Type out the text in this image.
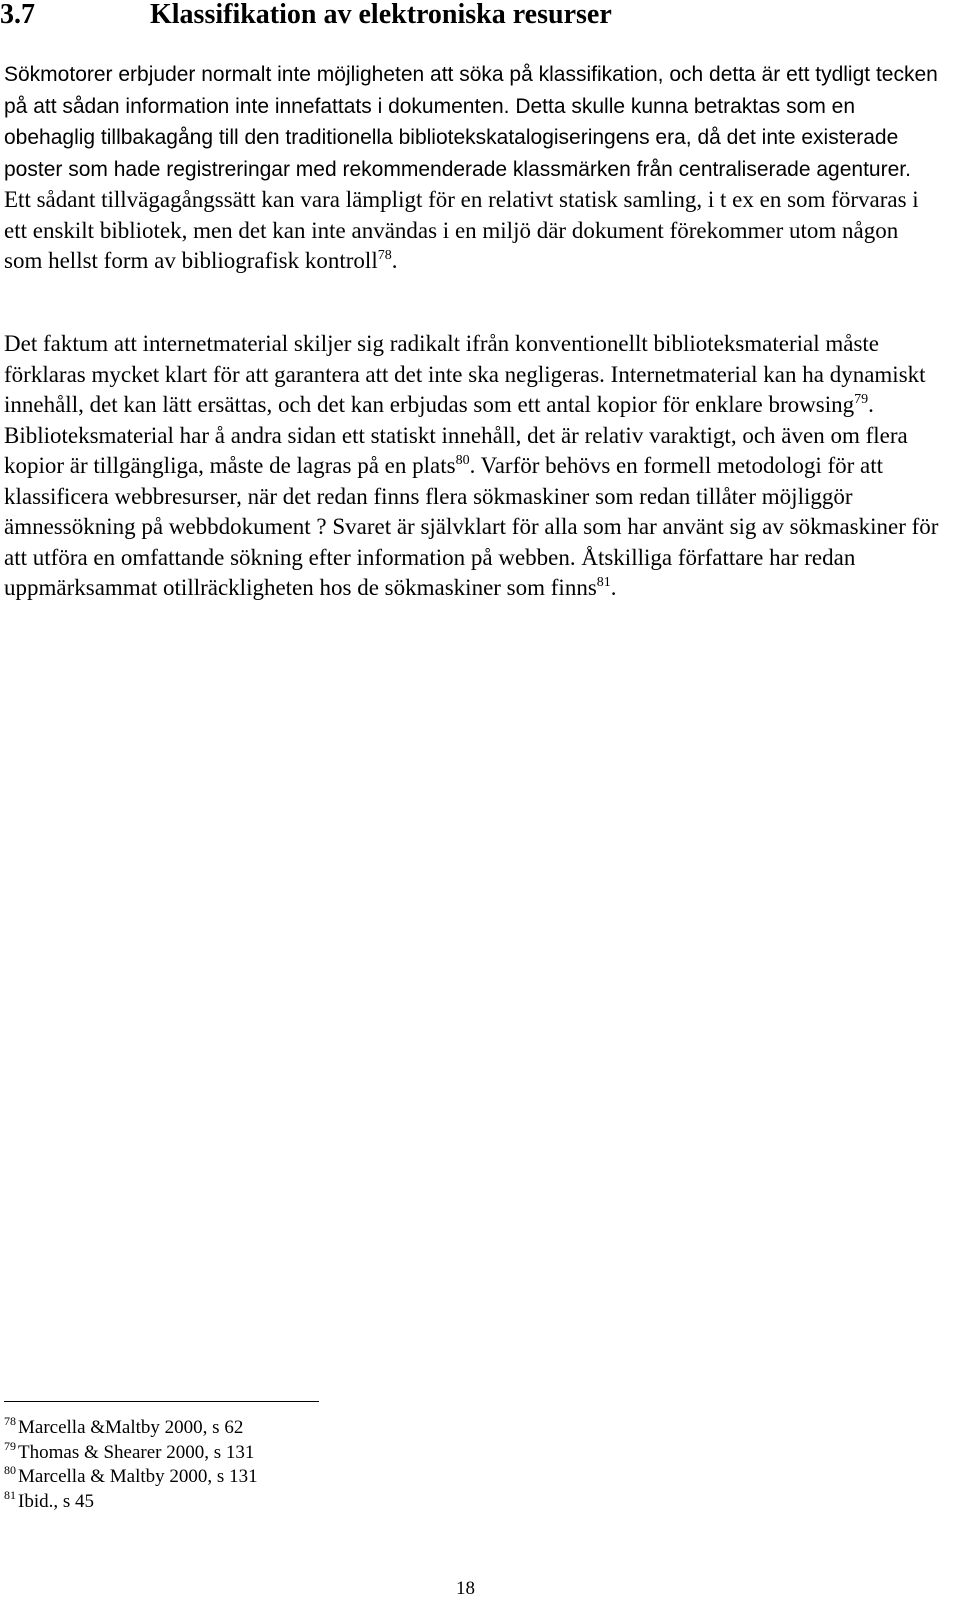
3.7	Klassifikation av elektroniska resurser

Sökmotorer erbjuder normalt inte möjligheten att söka på klassifikation, och detta är ett tydligt tecken på att sådan information inte innefattats i dokumenten. Detta skulle kunna betraktas som en obehaglig tillbakagång till den traditionella bibliotekskatalogiseringens era, då det inte existerade poster som hade registreringar med rekommenderade klassmärken från centraliserade agenturer. Ett sådant tillvägagångssätt kan vara lämpligt för en relativt statisk samling, i t ex en som förvaras i ett enskilt bibliotek, men det kan inte användas i en miljö där dokument förekommer utom någon som hellst form av bibliografisk kontroll$^{78}$.

Det faktum att internetmaterial skiljer sig radikalt ifrån konventionellt biblioteksmaterial måste förklaras mycket klart för att garantera att det inte ska negligeras. Internetmaterial kan ha dynamiskt innehåll, det kan lätt ersättas, och det kan erbjudas som ett antal kopior för enklare browsing$^{79}$. Biblioteksmaterial har å andra sidan ett statiskt innehåll, det är relativ varaktigt, och även om flera kopior är tillgängliga, måste de lagras på en plats$^{80}$. Varför behövs en formell metodologi för att klassificera webbresurser, när det redan finns flera sökmaskiner som redan tillåter möjliggör ämnessökning på webbdokument ? Svaret är självklart för alla som har använt sig av sökmaskiner för att utföra en omfattande sökning efter information på webben. Åtskilliga författare har redan uppmärksammat otillräckligheten hos de sökmaskiner som finns$^{81}$.

$^{78}$ Marcella &Maltby 2000, s 62
$^{79}$ Thomas & Shearer 2000, s 131
$^{80}$ Marcella & Maltby 2000, s 131
$^{81}$ Ibid., s 45
18
